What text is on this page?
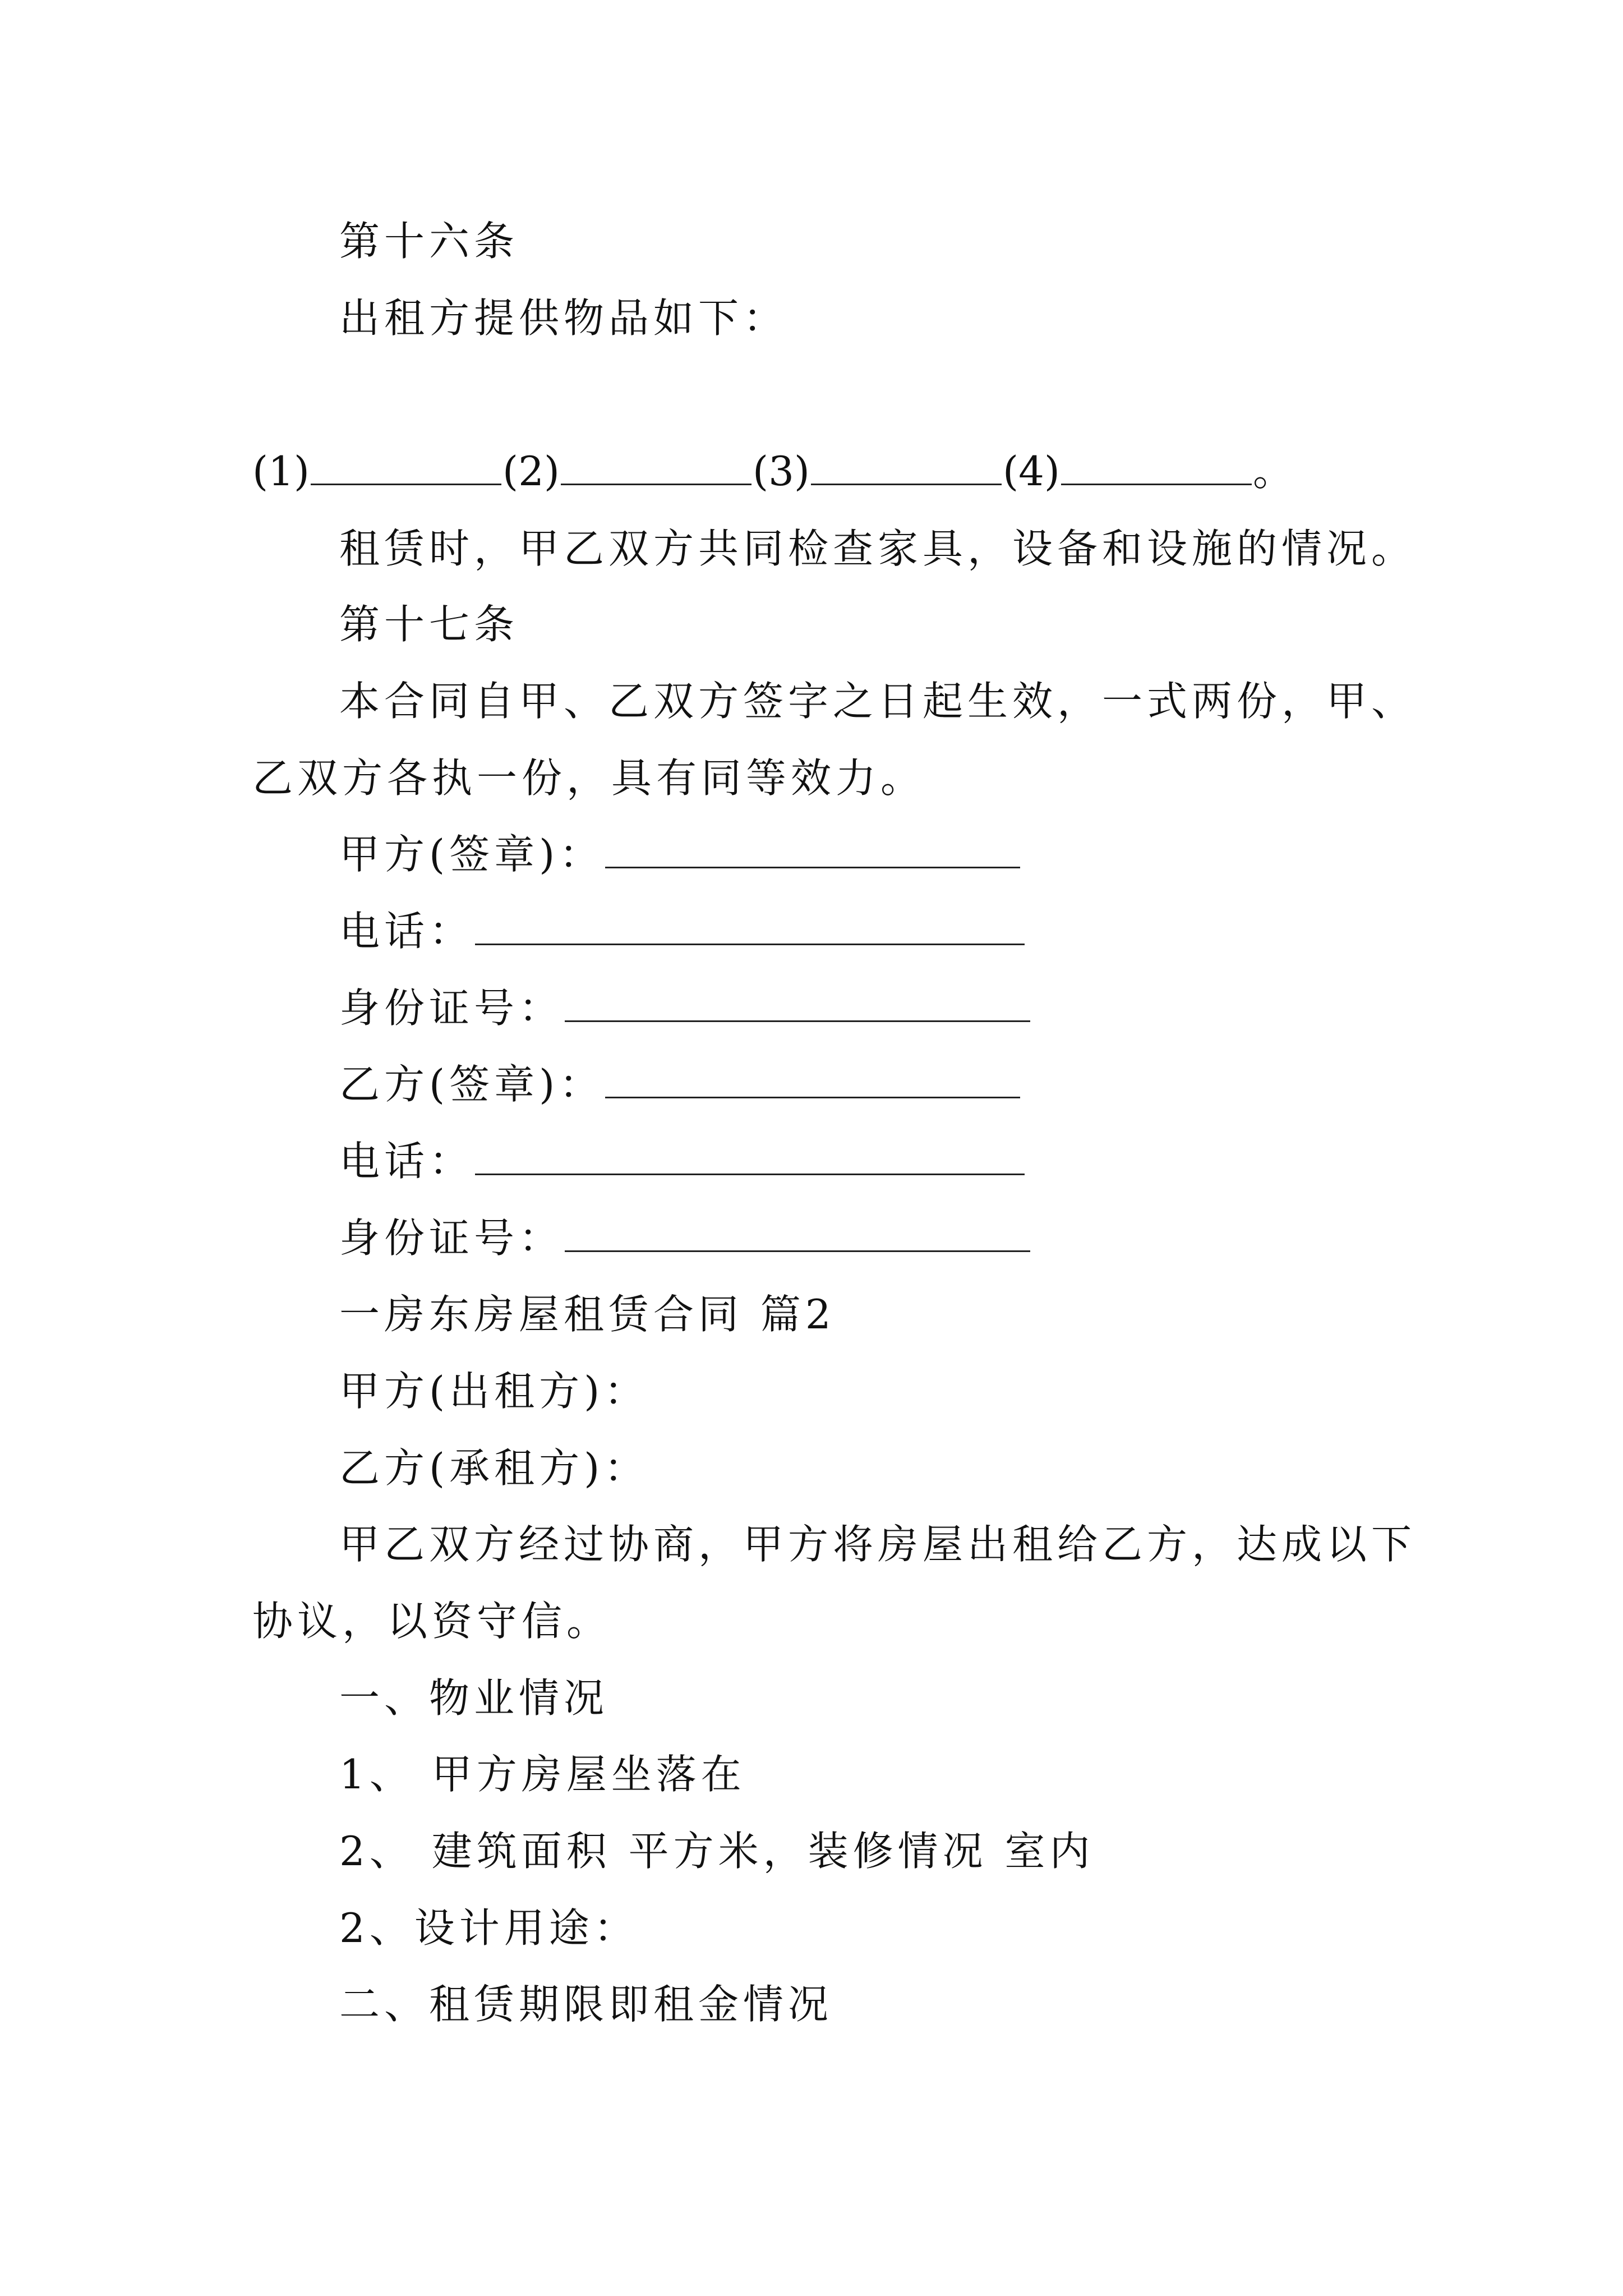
第十六条
出租方提供物品如下：
(1)	(2)	(3)	(4)	。
租赁时，甲乙双方共同检查家具，设备和设施的情况。
第十七条
本合同自甲、乙双方签字之日起生效，一式两份，甲、
乙双方各执一份，具有同等效力。
甲方(签章)：
电话：
身份证号：
乙方(签章)：
电话：
身份证号：
一房东房屋租赁合同 篇2
甲方(出租方)：
乙方(承租方)：
甲乙双方经过协商，甲方将房屋出租给乙方，达成以下
协议，以资守信。
一、物业情况
1、 甲方房屋坐落在
2、 建筑面积 平方米，装修情况 室内
2、设计用途：
二、租赁期限即租金情况
